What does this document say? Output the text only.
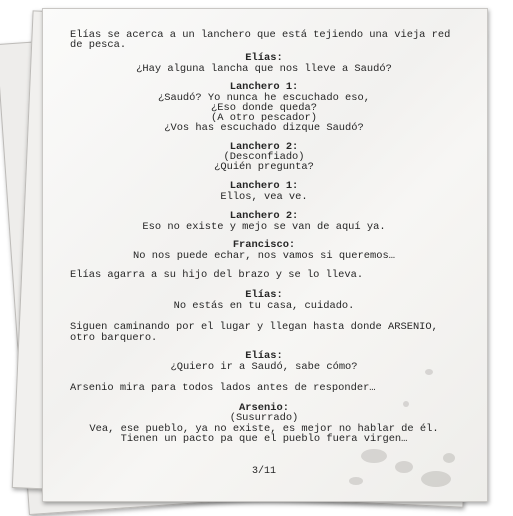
Elías se acerca a un lanchero que está tejiendo una vieja red
de pesca.
Elías:
¿Hay alguna lancha que nos lleve a Saudó?
Lanchero 1:
¿Saudó? Yo nunca he escuchado eso,
¿Eso donde queda?
(A otro pescador)
¿Vos has escuchado dizque Saudó?
Lanchero 2:
(Desconfiado)
¿Quién pregunta?
Lanchero 1:
Ellos, vea ve.
Lanchero 2:
Eso no existe y mejo se van de aquí ya.
Francisco:
No nos puede echar, nos vamos si queremos…
Elías agarra a su hijo del brazo y se lo lleva.
Elías:
No estás en tu casa, cuidado.
Siguen caminando por el lugar y llegan hasta donde ARSENIO,
otro barquero.
Elías:
¿Quiero ir a Saudó, sabe cómo?
Arsenio mira para todos lados antes de responder…
Arsenio:
(Susurrado)
Vea, ese pueblo, ya no existe, es mejor no hablar de él.
Tienen un pacto pa que el pueblo fuera virgen…
3/11
